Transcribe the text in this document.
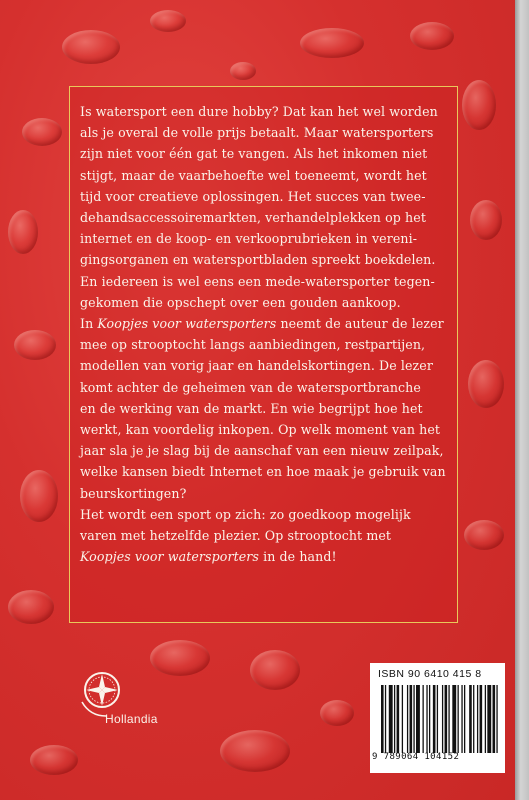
Is watersport een dure hobby? Dat kan het wel worden
als je overal de volle prijs betaalt. Maar watersporters
zijn niet voor één gat te vangen. Als het inkomen niet
stijgt, maar de vaarbehoefte wel toeneemt, wordt het
tijd voor creatieve oplossingen. Het succes van twee-
dehandsaccessoiremarkten, verhandelplekken op het
internet en de koop- en verkooprubrieken in vereni-
gingsorganen en watersportbladen spreekt boekdelen.
En iedereen is wel eens een mede-watersporter tegen-
gekomen die opschept over een gouden aankoop.
In Koopjes voor watersporters neemt de auteur de lezer
mee op strooptocht langs aanbiedingen, restpartijen,
modellen van vorig jaar en handelskortingen. De lezer
komt achter de geheimen van de watersportbranche
en de werking van de markt. En wie begrijpt hoe het
werkt, kan voordelig inkopen. Op welk moment van het
jaar sla je je slag bij de aanschaf van een nieuw zeilpak,
welke kansen biedt Internet en hoe maak je gebruik van
beurskortingen?
Het wordt een sport op zich: zo goedkoop mogelijk
varen met hetzelfde plezier. Op strooptocht met
Koopjes voor watersporters in de hand!

Hollandia
ISBN 90 6410 415 8
9 789064 104152
